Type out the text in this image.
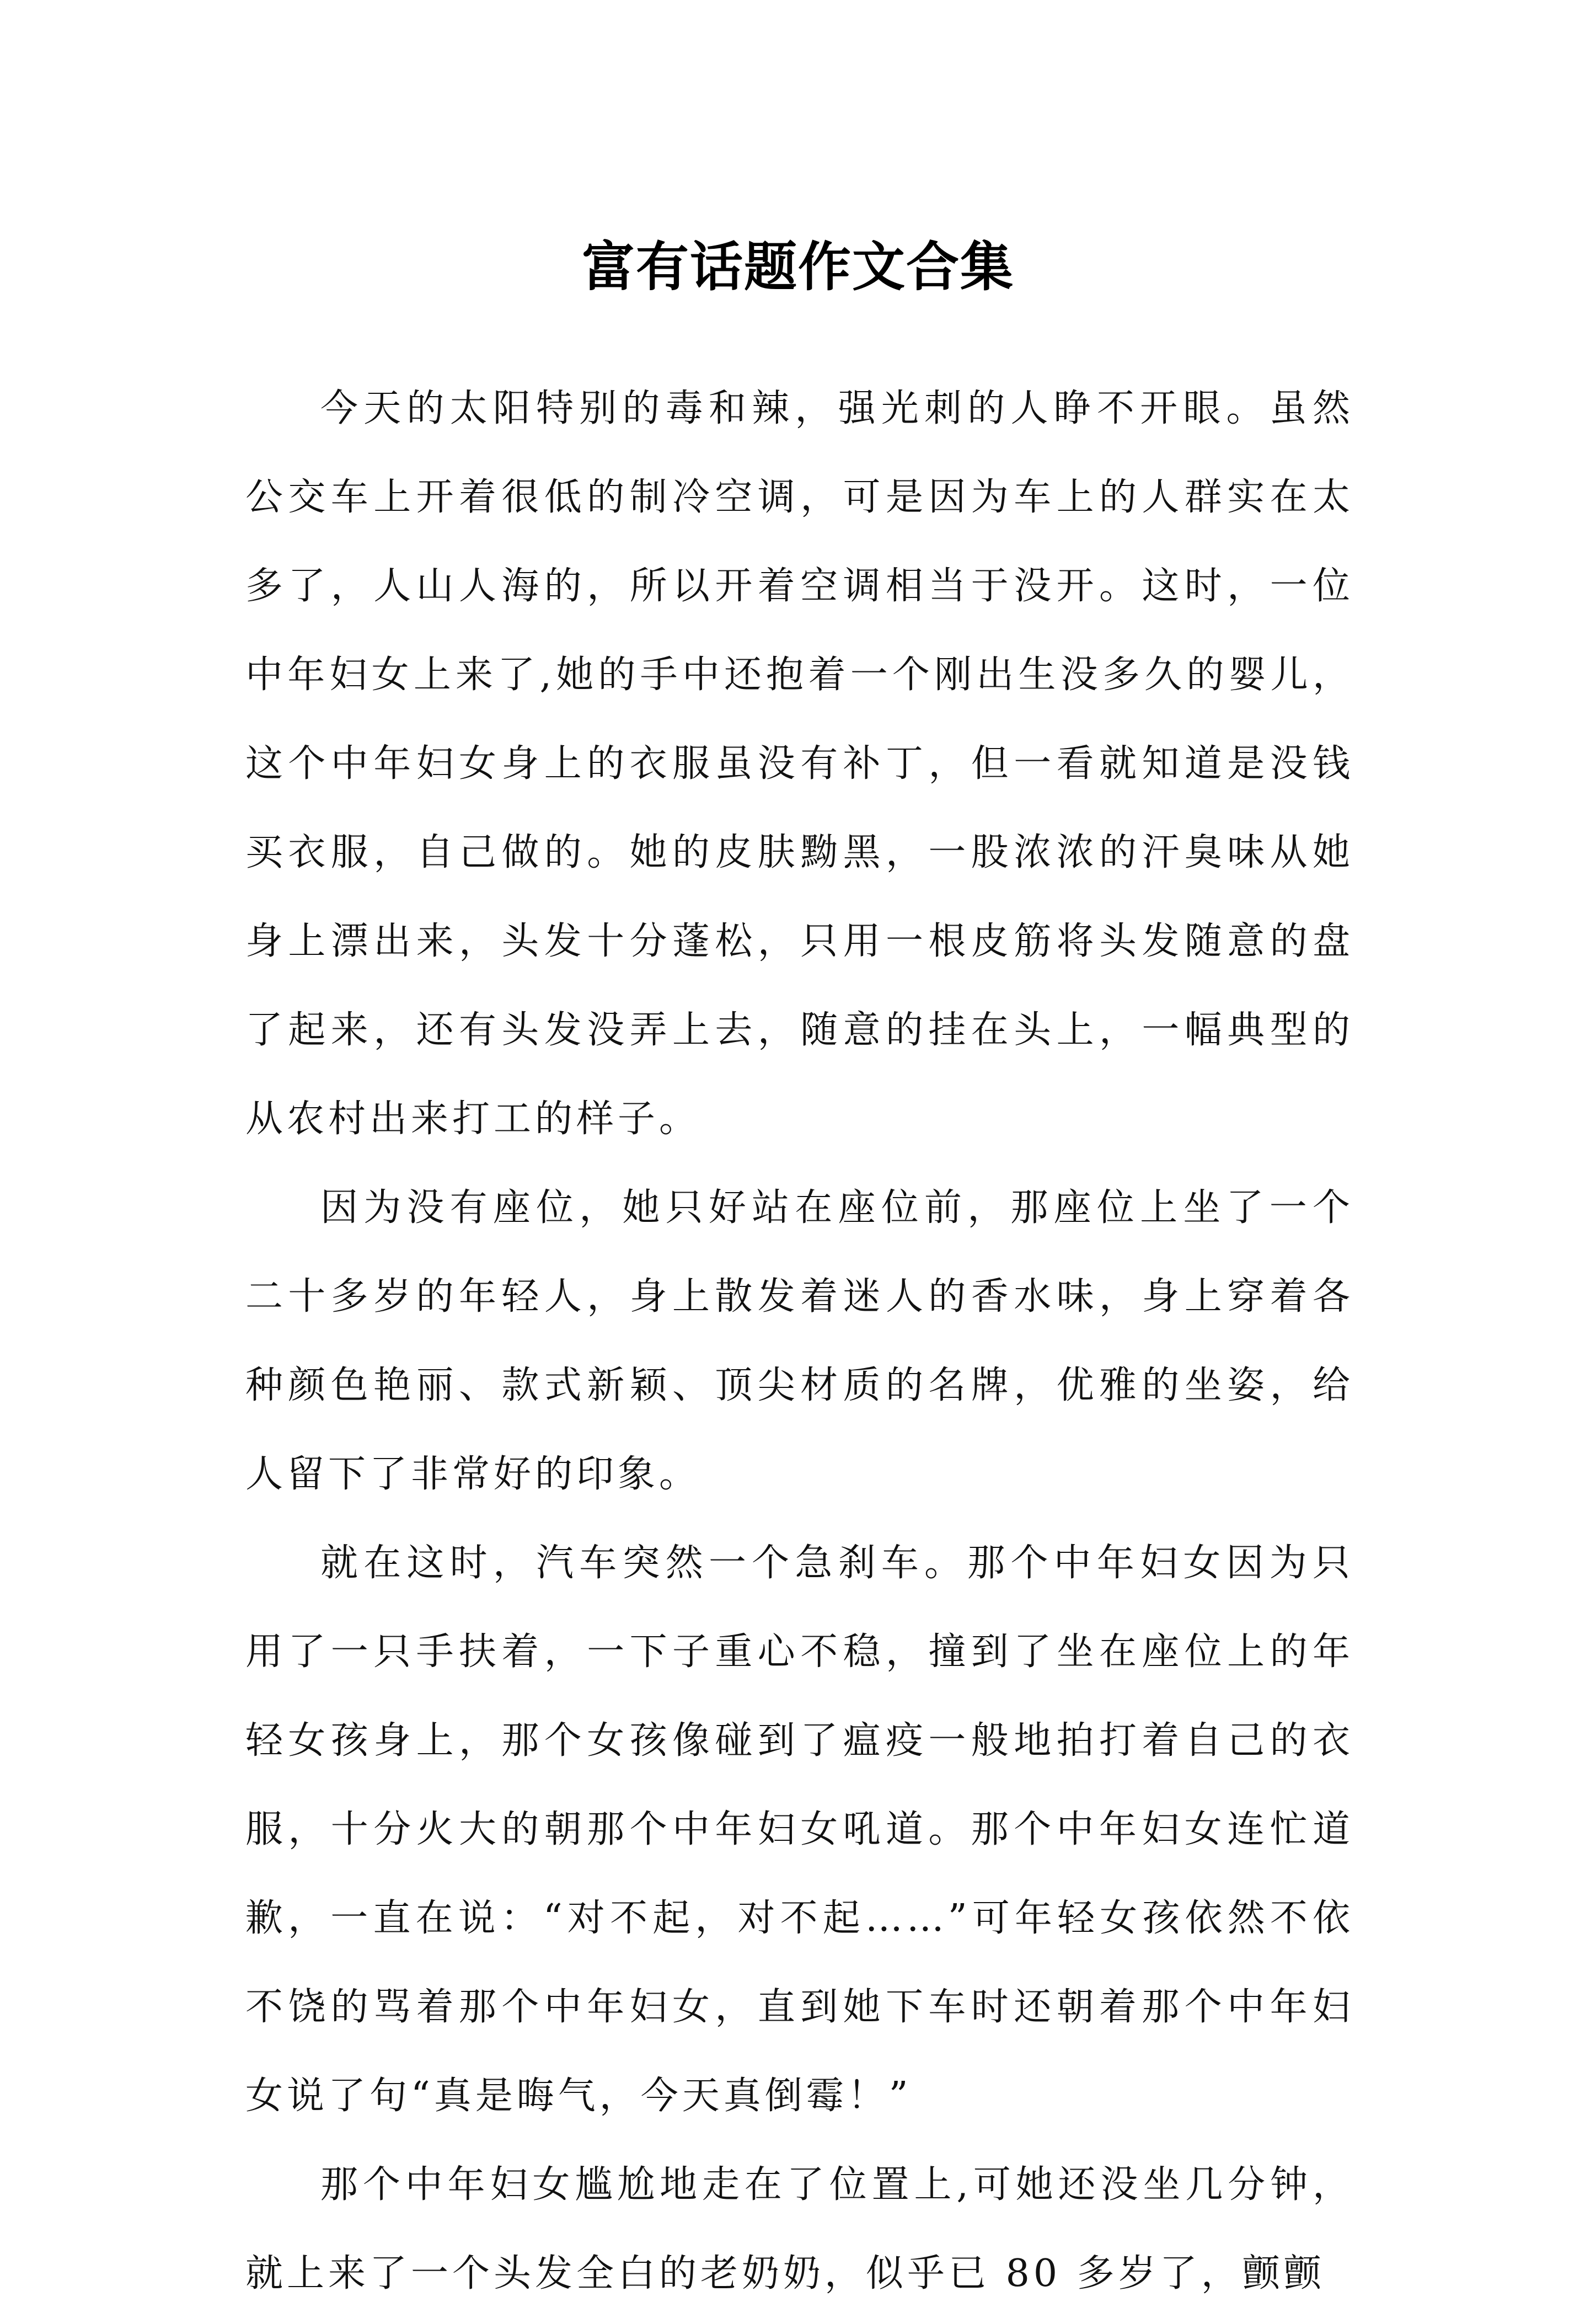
富有话题作文合集

今天的太阳特别的毒和辣，强光刺的人睁不开眼。虽然公交车上开着很低的制冷空调，可是因为车上的人群实在太多了，人山人海的，所以开着空调相当于没开。这时，一位中年妇女上来了,她的手中还抱着一个刚出生没多久的婴儿，这个中年妇女身上的衣服虽没有补丁，但一看就知道是没钱买衣服，自己做的。她的皮肤黝黑，一股浓浓的汗臭味从她身上漂出来，头发十分蓬松，只用一根皮筋将头发随意的盘了起来，还有头发没弄上去，随意的挂在头上，一幅典型的从农村出来打工的样子。

因为没有座位，她只好站在座位前，那座位上坐了一个二十多岁的年轻人，身上散发着迷人的香水味，身上穿着各种颜色艳丽、款式新颖、顶尖材质的名牌，优雅的坐姿，给人留下了非常好的印象。

就在这时，汽车突然一个急刹车。那个中年妇女因为只用了一只手扶着，一下子重心不稳，撞到了坐在座位上的年轻女孩身上，那个女孩像碰到了瘟疫一般地拍打着自己的衣服，十分火大的朝那个中年妇女吼道。那个中年妇女连忙道歉，一直在说：“对不起，对不起……”可年轻女孩依然不依不饶的骂着那个中年妇女，直到她下车时还朝着那个中年妇女说了句“真是晦气，今天真倒霉！”

那个中年妇女尴尬地走在了位置上,可她还没坐几分钟，就上来了一个头发全白的老奶奶，似乎已 80 多岁了，颤颤
